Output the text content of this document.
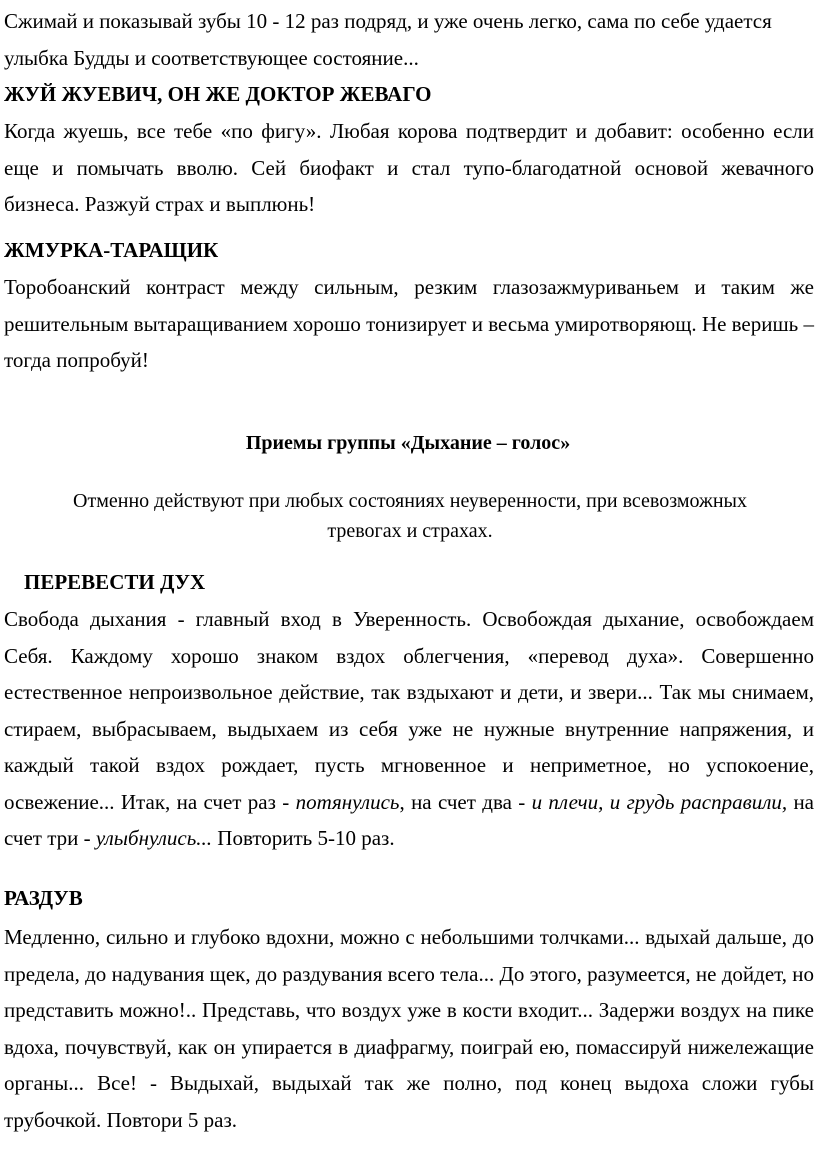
Сжимай и показывай зубы 10 - 12 раз подряд, и уже очень легко, сама по себе удается улыбка Будды и соответствующее состояние...

ЖУЙ ЖУЕВИЧ, ОН ЖЕ ДОКТОР ЖЕВАГО

Когда жуешь, все тебе «по фигу». Любая корова подтвердит и добавит: особенно если еще и помычать вволю. Сей биофакт и стал тупо-благодатной основой жевачного бизнеса. Разжуй страх и выплюнь!

ЖМУРКА-ТАРАЩИК

Торобоанский контраст между сильным, резким глазозажмуриваньем и таким же решительным вытаращиванием хорошо тонизирует и весьма умиротворяющ. Не веришь – тогда попробуй!

Приемы группы «Дыхание – голос»

Отменно действуют при любых состояниях неуверенности, при всевозможных тревогах и страхах.

ПЕРЕВЕСТИ ДУХ

Свобода дыхания - главный вход в Уверенность. Освобождая дыхание, освобождаем Себя. Каждому хорошо знаком вздох облегчения, «перевод духа». Совершенно естественное непроизвольное действие, так вздыхают и дети, и звери... Так мы снимаем, стираем, выбрасываем, выдыхаем из себя уже не нужные внутренние напряжения, и каждый такой вздох рождает, пусть мгновенное и неприметное, но успокоение, освежение... Итак, на счет раз - потянулись, на счет два - и плечи, и грудь расправили, на счет три - улыбнулись... Повторить 5-10 раз.

РАЗДУВ

Медленно, сильно и глубоко вдохни, можно с небольшими толчками... вдыхай дальше, до предела, до надувания щек, до раздувания всего тела... До этого, разумеется, не дойдет, но представить можно!.. Представь, что воздух уже в кости входит... Задержи воздух на пике вдоха, почувствуй, как он упирается в диафрагму, поиграй ею, помассируй нижележащие органы... Все! - Выдыхай, выдыхай так же полно, под конец выдоха сложи губы трубочкой. Повтори 5 раз.
